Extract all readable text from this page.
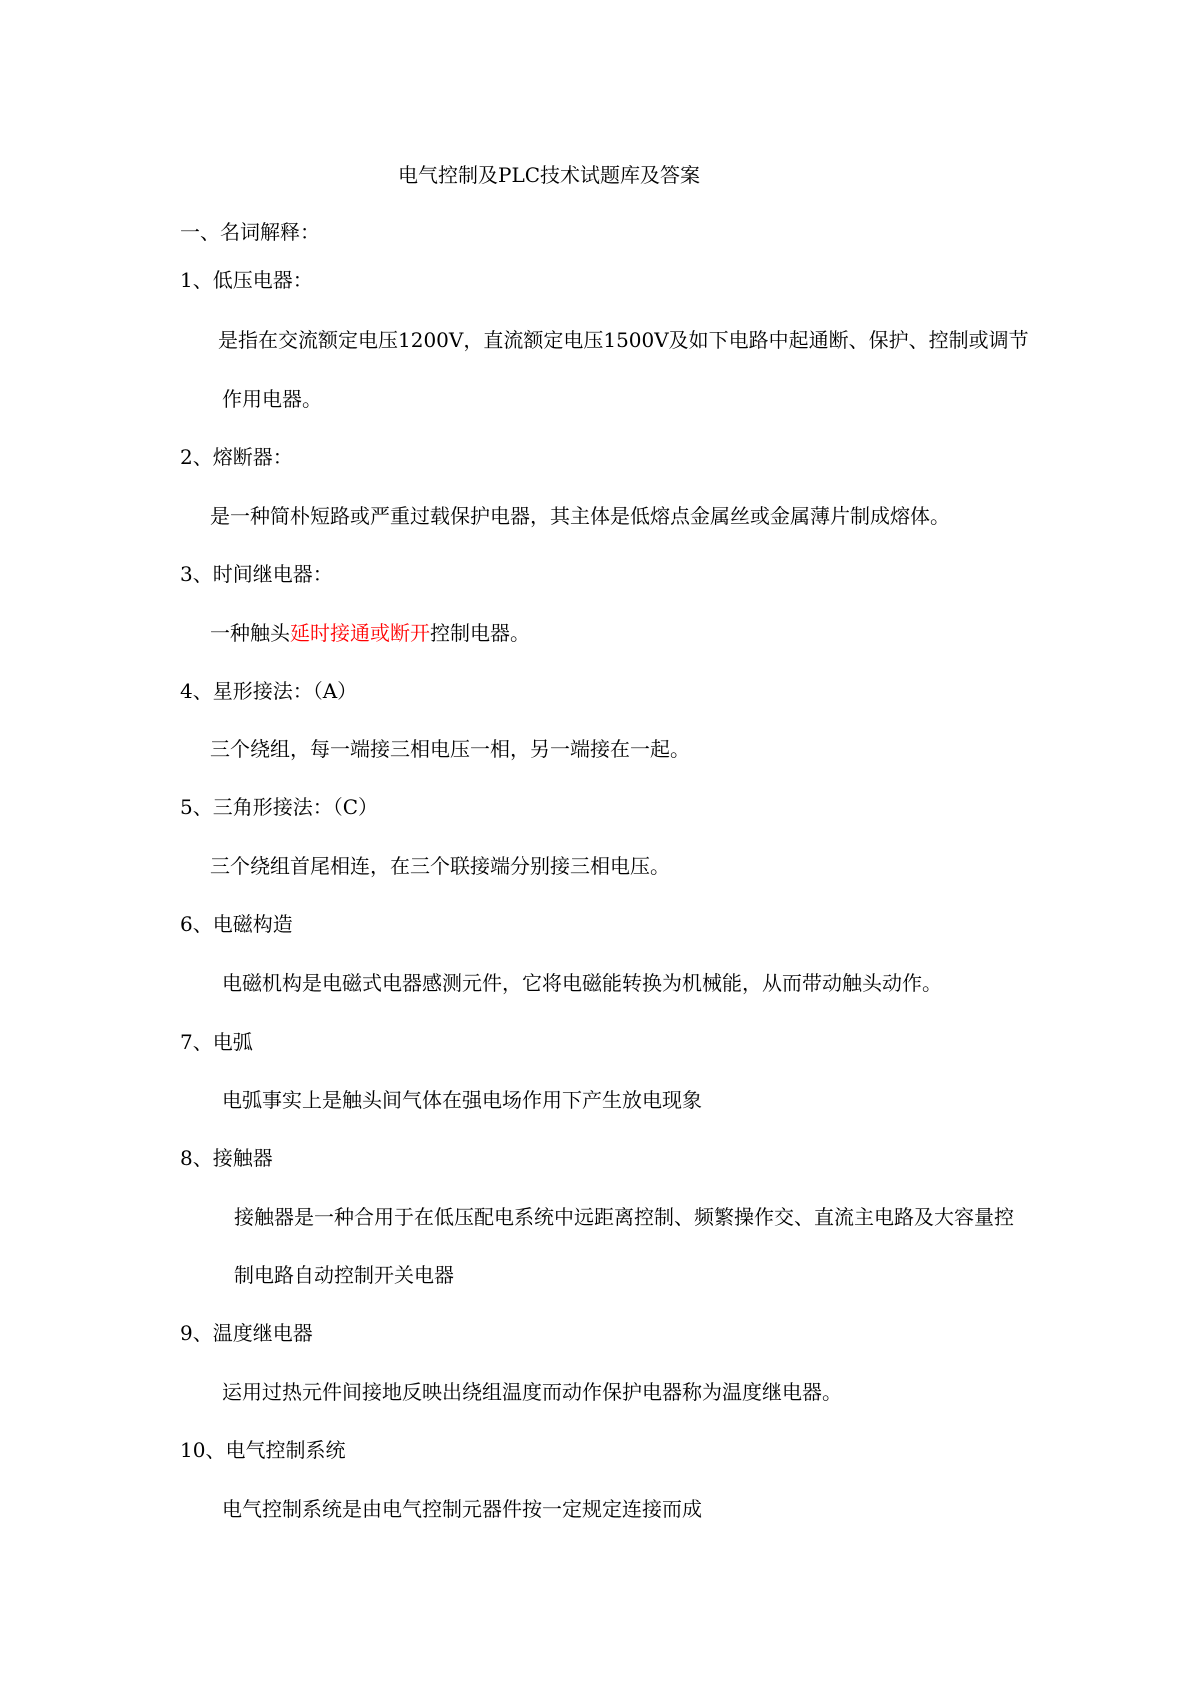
电气控制及PLC技术试题库及答案
一、名词解释：
1、低压电器：
是指在交流额定电压1200V，直流额定电压1500V及如下电路中起通断、保护、控制或调节
作用电器。
2、熔断器：
是一种简朴短路或严重过载保护电器，其主体是低熔点金属丝或金属薄片制成熔体。
3、时间继电器：
一种触头延时接通或断开控制电器。
4、星形接法：（A）
三个绕组，每一端接三相电压一相，另一端接在一起。
5、三角形接法：（C）
三个绕组首尾相连，在三个联接端分别接三相电压。
6、电磁构造
电磁机构是电磁式电器感测元件，它将电磁能转换为机械能，从而带动触头动作。
7、电弧
电弧事实上是触头间气体在强电场作用下产生放电现象
8、接触器
接触器是一种合用于在低压配电系统中远距离控制、频繁操作交、直流主电路及大容量控
制电路自动控制开关电器
9、温度继电器
运用过热元件间接地反映出绕组温度而动作保护电器称为温度继电器。
10、电气控制系统
电气控制系统是由电气控制元器件按一定规定连接而成
